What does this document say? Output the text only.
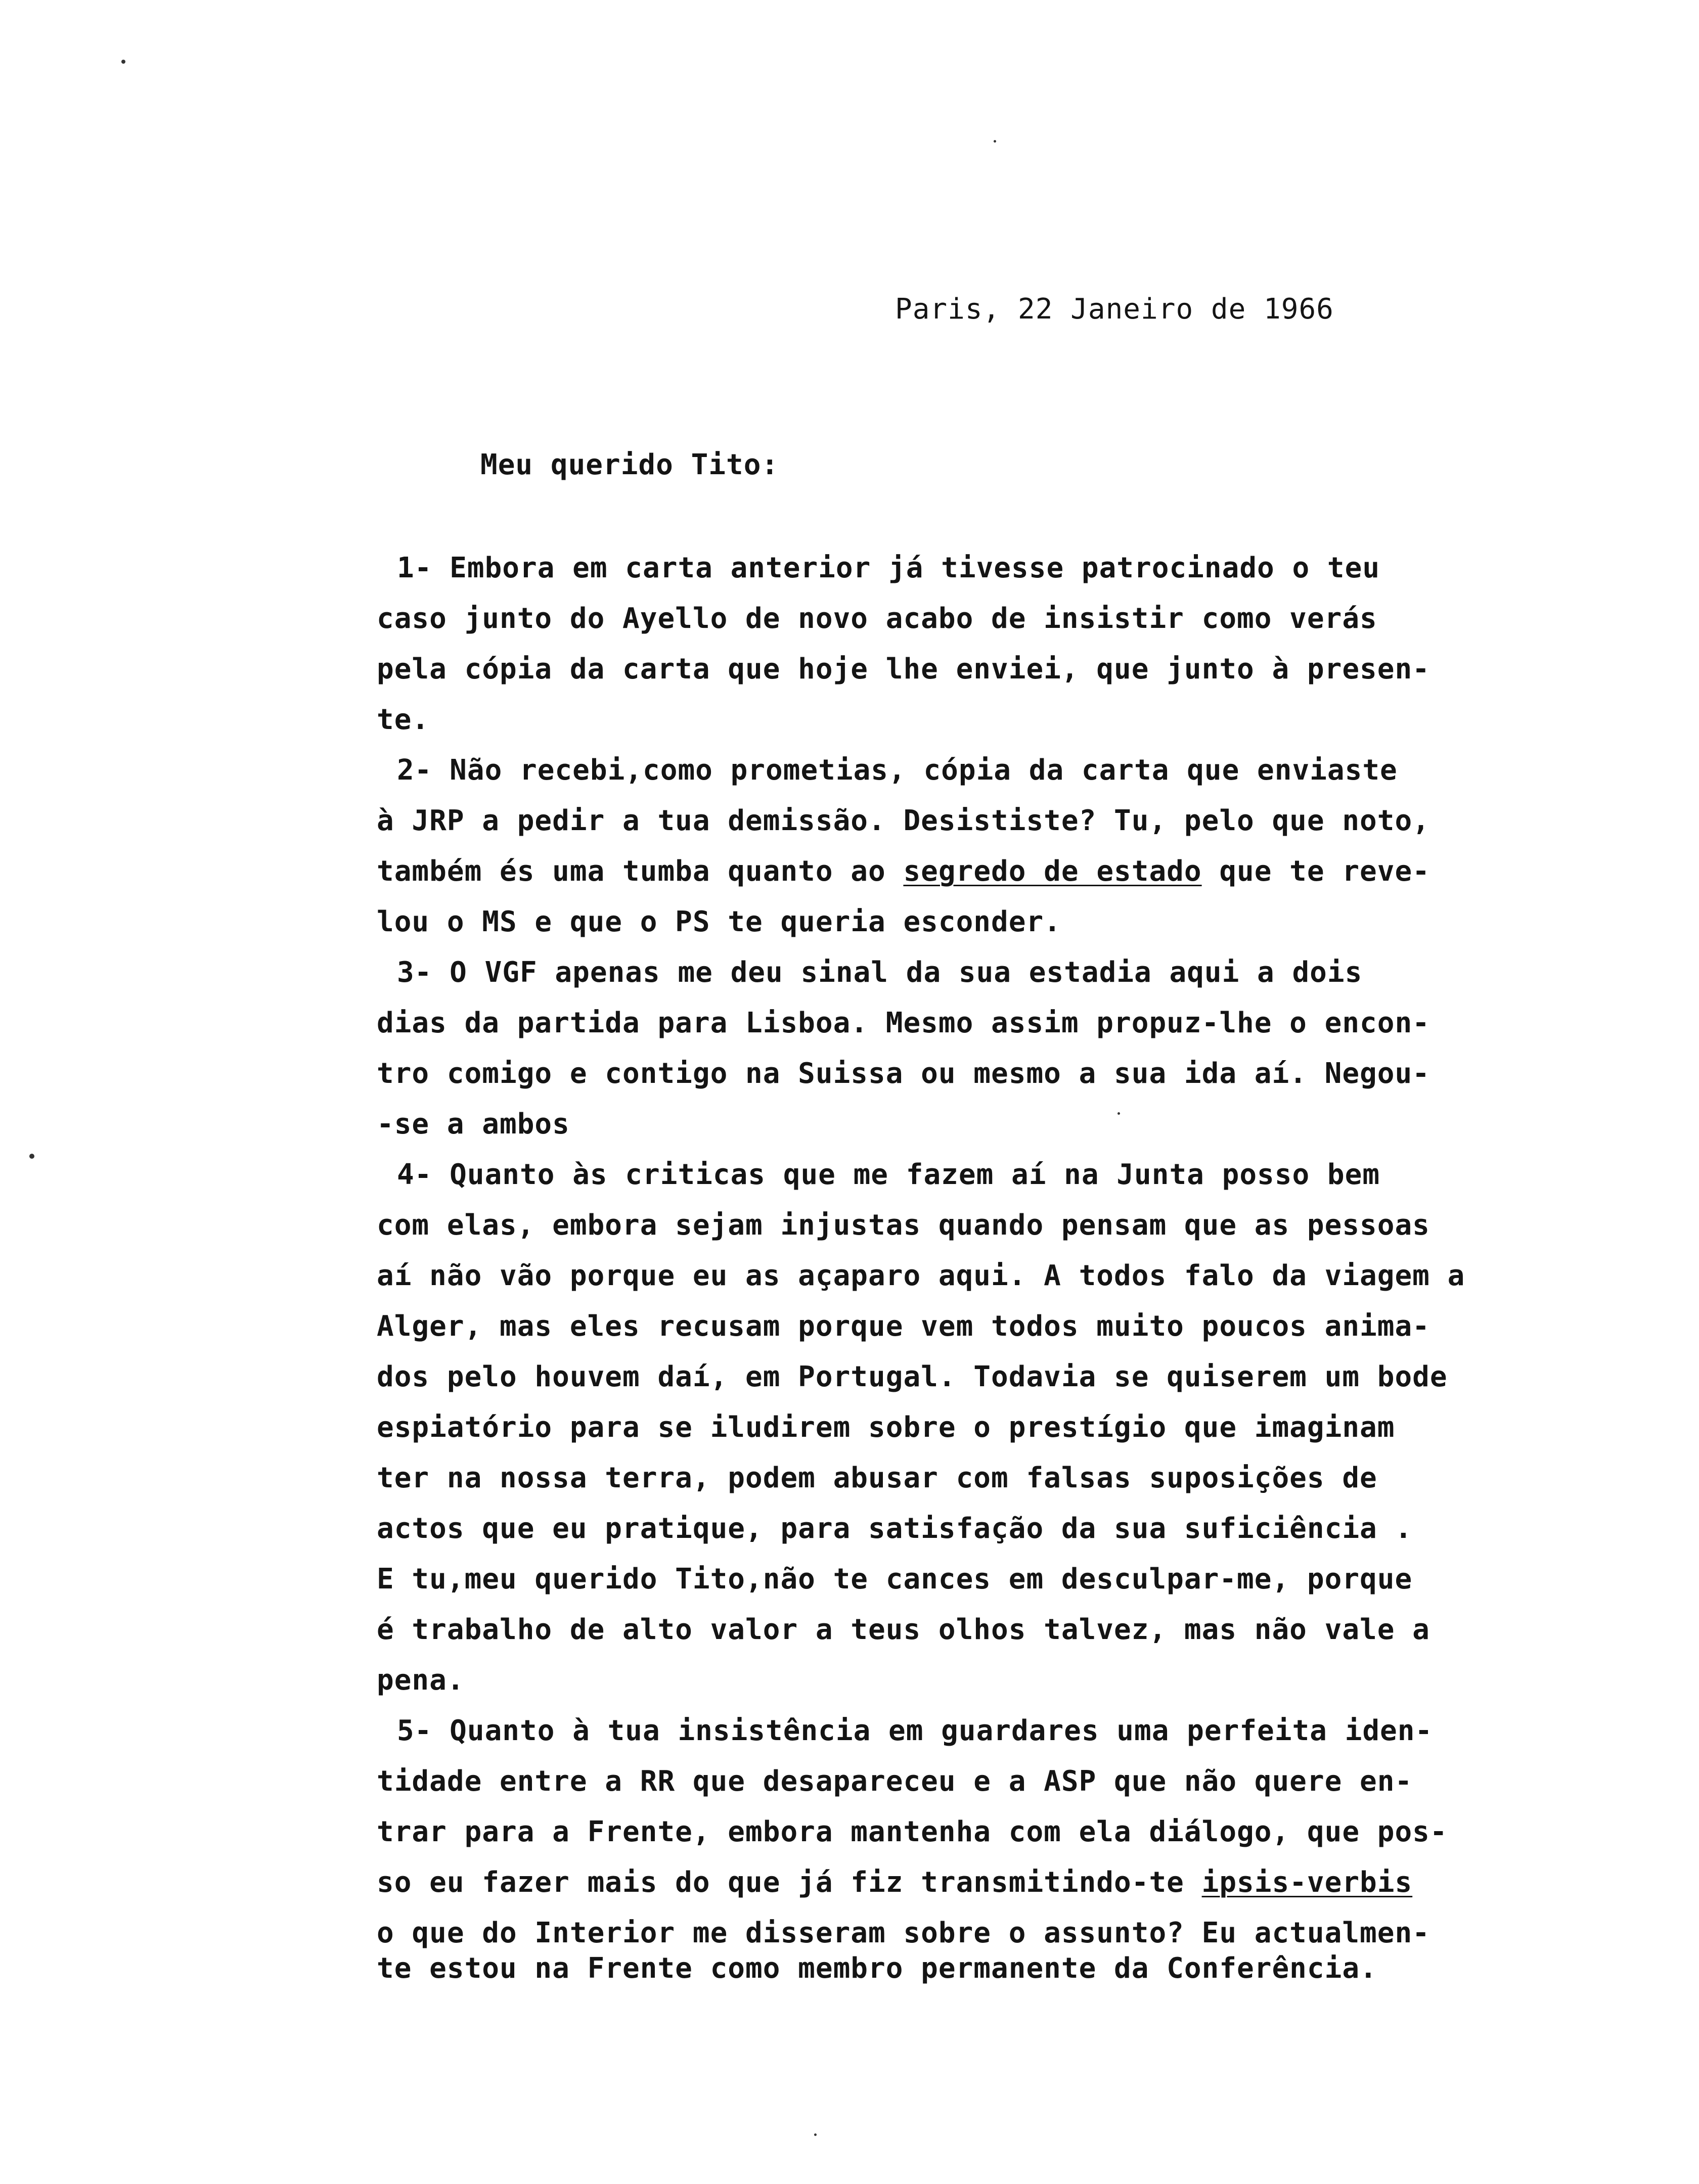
Paris, 22 Janeiro de 1966
Meu querido Tito:
1- Embora em carta anterior já tivesse patrocinado o teu
caso junto do Ayello de novo acabo de insistir como verás
pela cópia da carta que hoje lhe enviei, que junto à presen-
te.
2- Não recebi,como prometias, cópia da carta que enviaste
à JRP a pedir a tua demissão. Desististe? Tu, pelo que noto,
também és uma tumba quanto ao segredo de estado que te reve-
lou o MS e que o PS te queria esconder.
3- O VGF apenas me deu sinal da sua estadia aqui a dois
dias da partida para Lisboa. Mesmo assim propuz-lhe o encon-
tro comigo e contigo na Suissa ou mesmo a sua ida aí. Negou-
-se a ambos
4- Quanto às criticas que me fazem aí na Junta posso bem
com elas, embora sejam injustas quando pensam que as pessoas
aí não vão porque eu as açaparo aqui. A todos falo da viagem a
Alger, mas eles recusam porque vem todos muito poucos anima-
dos pelo houvem daí, em Portugal. Todavia se quiserem um bode
espiatório para se iludirem sobre o prestígio que imaginam
ter na nossa terra, podem abusar com falsas suposições de
actos que eu pratique, para satisfação da sua suficiência .
E tu,meu querido Tito,não te cances em desculpar-me, porque
é trabalho de alto valor a teus olhos talvez, mas não vale a
pena.
5- Quanto à tua insistência em guardares uma perfeita iden-
tidade entre a RR que desapareceu e a ASP que não quere en-
trar para a Frente, embora mantenha com ela diálogo, que pos-
so eu fazer mais do que já fiz transmitindo-te ipsis-verbis
o que do Interior me disseram sobre o assunto? Eu actualmen-
te estou na Frente como membro permanente da Conferência.
